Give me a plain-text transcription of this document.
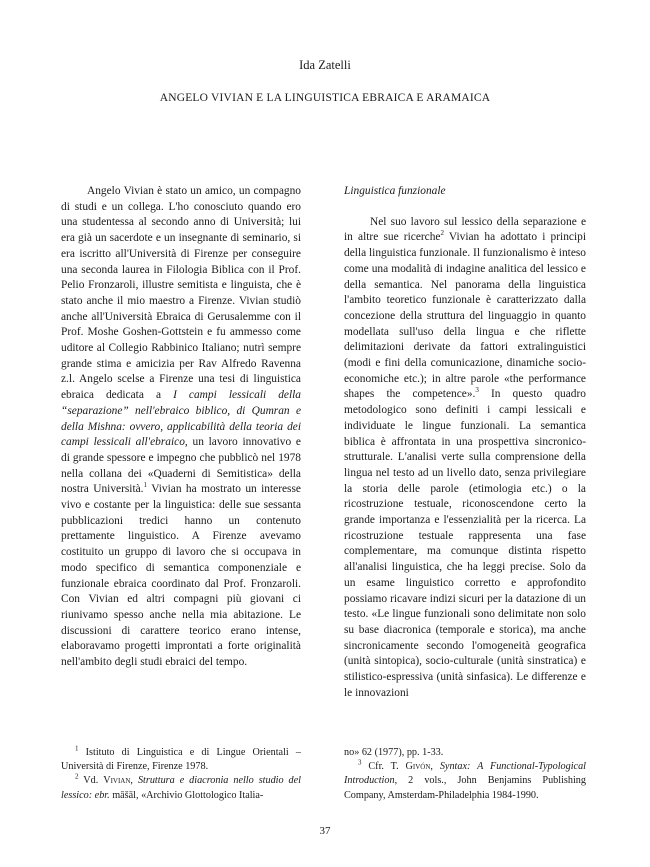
Ida Zatelli
ANGELO VIVIAN E LA LINGUISTICA EBRAICA E ARAMAICA

Angelo Vivian è stato un amico, un compagno di studi e un collega. L'ho conosciuto quando ero una studentessa al secondo anno di Università; lui era già un sacerdote e un insegnante di seminario, si era iscritto all'Università di Firenze per conseguire una seconda laurea in Filologia Biblica con il Prof. Pelio Fronzaroli, illustre semitista e linguista, che è stato anche il mio maestro a Firenze. Vivian studiò anche all'Università Ebraica di Gerusalemme con il Prof. Moshe Goshen-Gottstein e fu ammesso come uditore al Collegio Rabbinico Italiano; nutrì sempre grande stima e amicizia per Rav Alfredo Ravenna z.l. Angelo scelse a Firenze una tesi di linguistica ebraica dedicata a I campi lessicali della “separazione” nell'ebraico biblico, di Qumran e della Mishna: ovvero, applicabilità della teoria dei campi lessicali all'ebraico, un lavoro innovativo e di grande spessore e impegno che pubblicò nel 1978 nella collana dei «Quaderni di Semitistica» della nostra Università.$^1$ Vivian ha mostrato un interesse vivo e costante per la linguistica: delle sue sessanta pubblicazioni tredici hanno un contenuto prettamente linguistico. A Firenze avevamo costituito un gruppo di lavoro che si occupava in modo specifico di semantica componenziale e funzionale ebraica coordinato dal Prof. Fronzaroli. Con Vivian ed altri compagni più giovani ci riunivamo spesso anche nella mia abitazione. Le discussioni di carattere teorico erano intense, elaboravamo progetti improntati a forte originalità nell'ambito degli studi ebraici del tempo.

Linguistica funzionale

Nel suo lavoro sul lessico della separazione e in altre sue ricerche$^2$ Vivian ha adottato i principi della linguistica funzionale. Il funzionalismo è inteso come una modalità di indagine analitica del lessico e della semantica. Nel panorama della linguistica l'ambito teoretico funzionale è caratterizzato dalla concezione della struttura del linguaggio in quanto modellata sull'uso della lingua e che riflette delimitazioni derivate da fattori extralinguistici (modi e fini della comunicazione, dinamiche socio-economiche etc.); in altre parole «the performance shapes the competence».$^3$ In questo quadro metodologico sono definiti i campi lessicali e individuate le lingue funzionali. La semantica biblica è affrontata in una prospettiva sincronico-strutturale. L'analisi verte sulla comprensione della lingua nel testo ad un livello dato, senza privilegiare la storia delle parole (etimologia etc.) o la ricostruzione testuale, riconoscendone certo la grande importanza e l'essenzialità per la ricerca. La ricostruzione testuale rappresenta una fase complementare, ma comunque distinta rispetto all'analisi linguistica, che ha leggi precise. Solo da un esame linguistico corretto e approfondito possiamo ricavare indizi sicuri per la datazione di un testo. «Le lingue funzionali sono delimitate non solo su base diacronica (temporale e storica), ma anche sincronicamente secondo l'omogeneità geografica (unità sintopica), socio-culturale (unità sinstratica) e stilistico-espressiva (unità sinfasica). Le differenze e le innovazioni

$^1$ Istituto di Linguistica e di Lingue Orientali – Università di Firenze, Firenze 1978.

$^2$ Vd. Vivian, Struttura e diacronia nello studio del lessico: ebr. māšāl, «Archivio Glottologico Italia-

no» 62 (1977), pp. 1-33.

$^3$ Cfr. T. Givón, Syntax: A Functional-Typological Introduction, 2 vols., John Benjamins Publishing Company, Amsterdam-Philadelphia 1984-1990.

37
